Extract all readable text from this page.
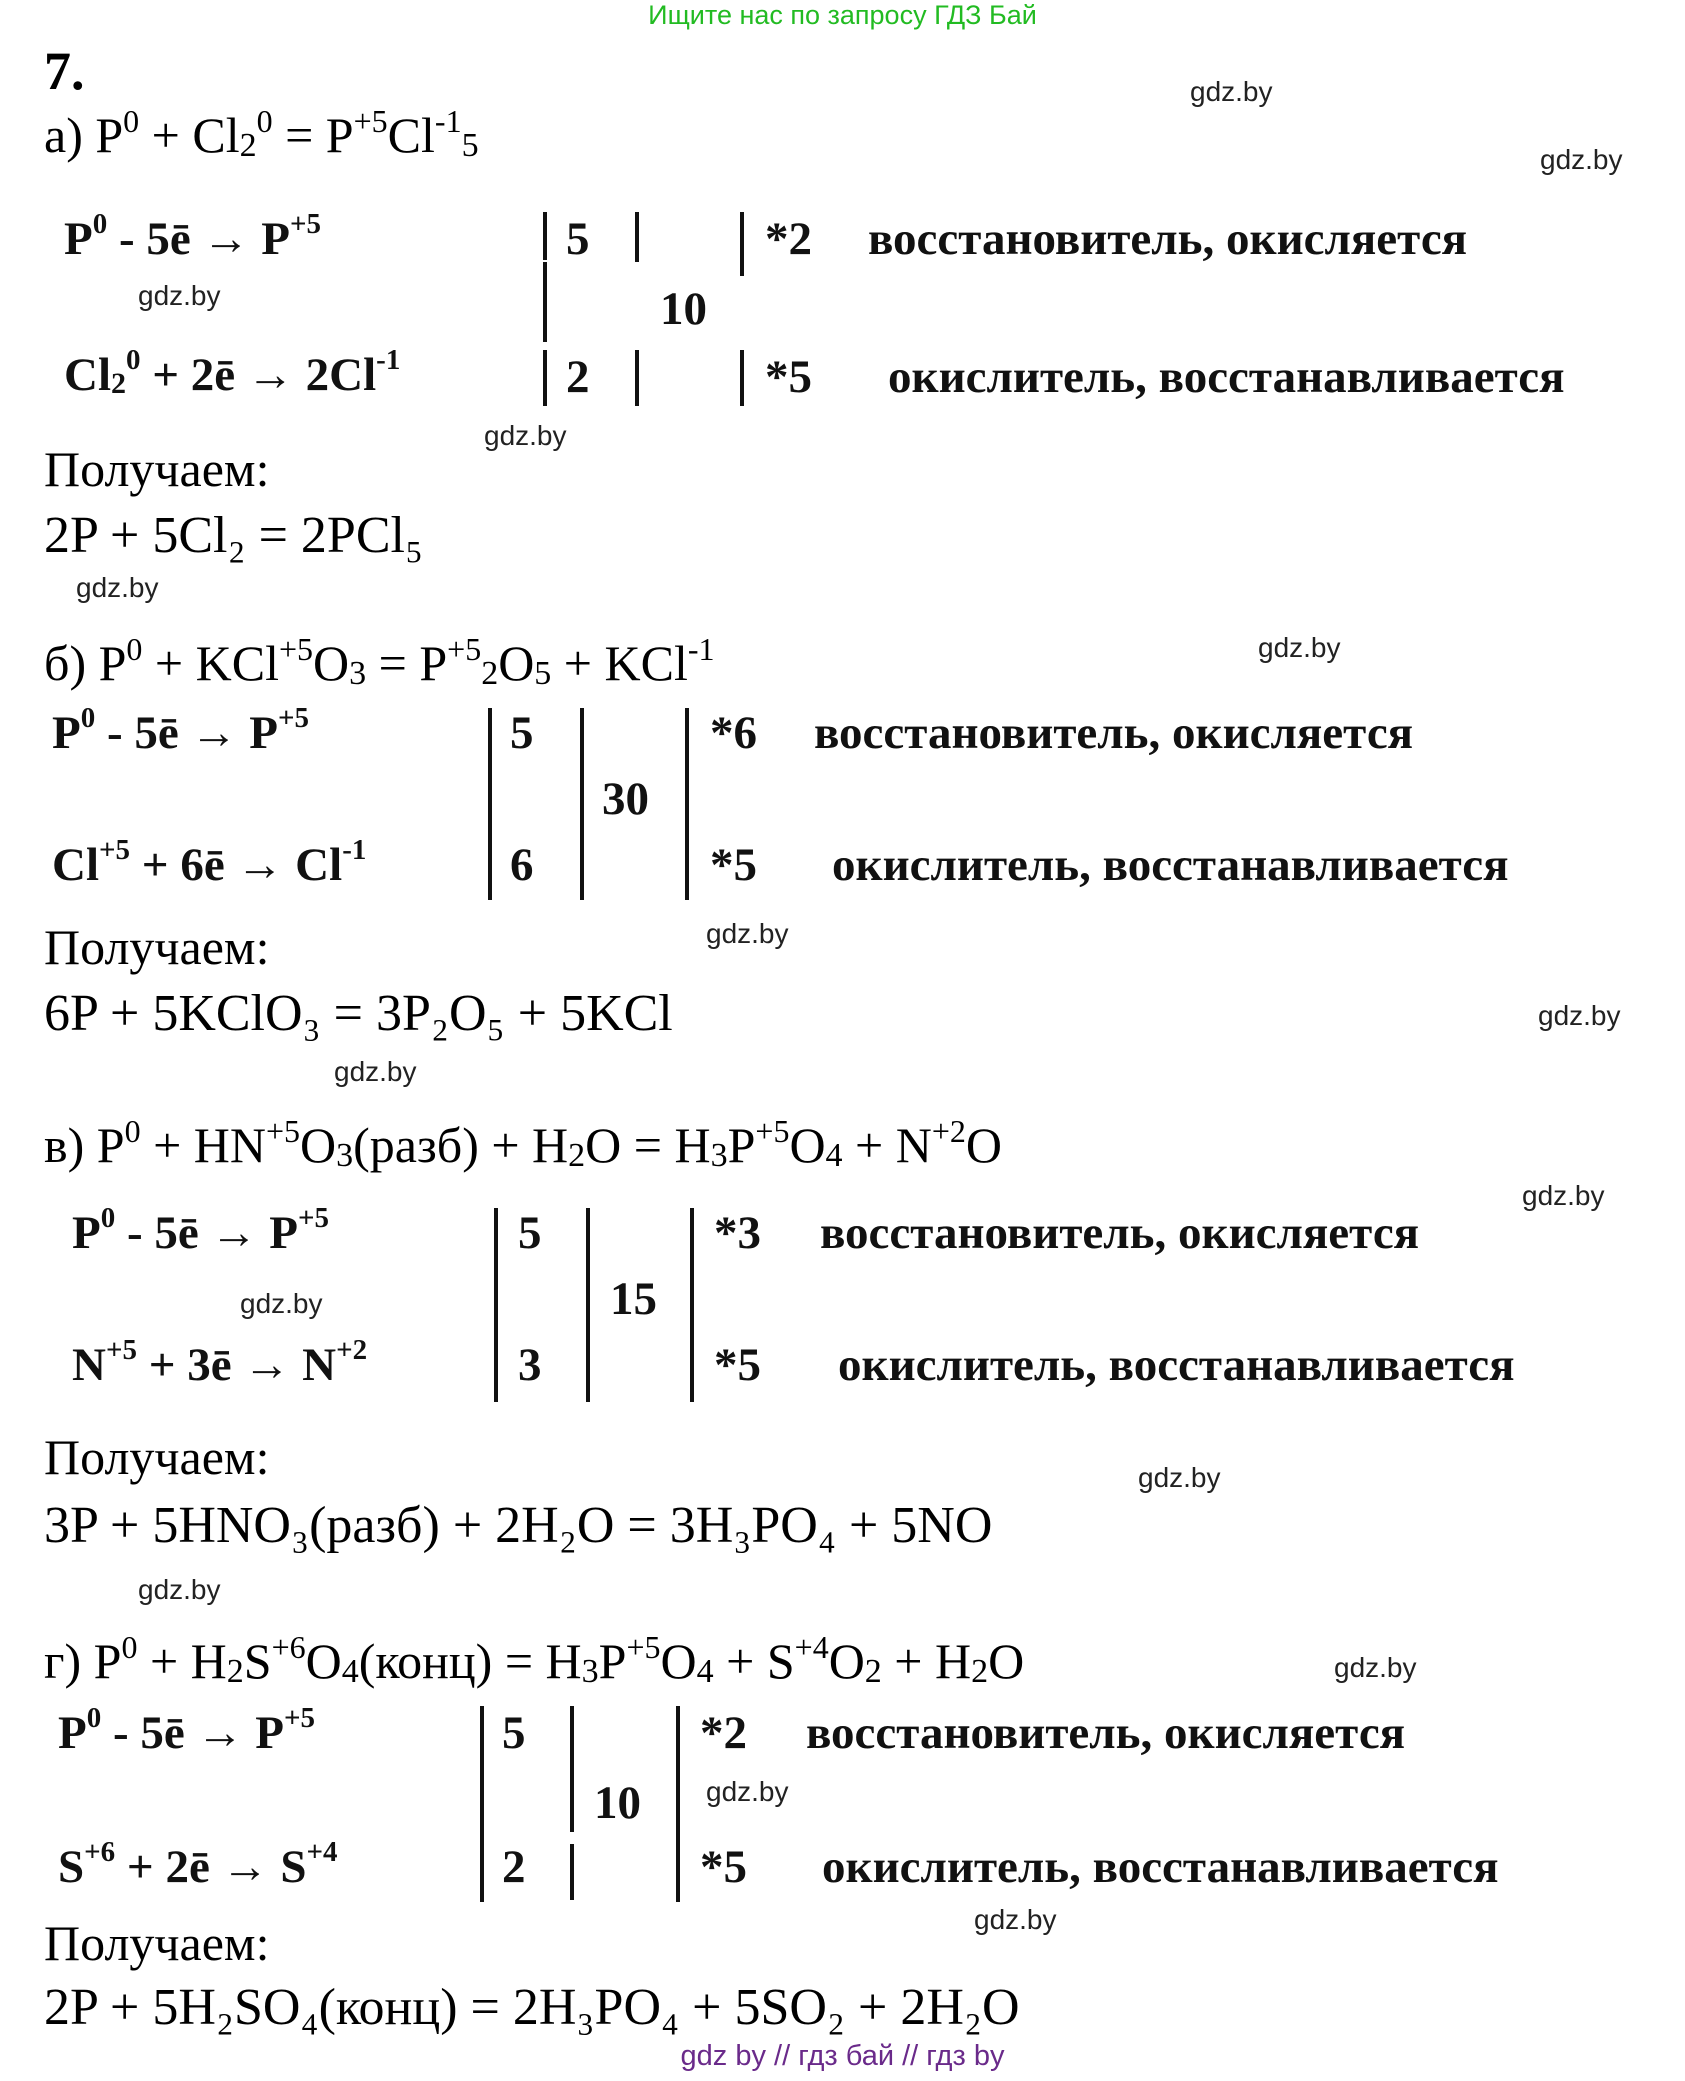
Ищите нас по запросу ГДЗ Бай
7.
а) $P^0 + Cl_2^0 = P^{+5}Cl^{-1}_5$
$P^0$ - 5ē → $P^{+5}$
$Cl_2^0$ + 2ē → $2Cl^{-1}$
5
2
10
*2
*5
восстановитель, окисляется
окислитель, восстанавливается
Получаем:
2P + 5Cl₂ = 2PCl₅
б) $P^0 + KCl^{+5}O_3 = P^{+5}_2O_5 + KCl^{-1}$
$P^0$ - 5ē → $P^{+5}$
$Cl^{+5}$ + 6ē → $Cl^{-1}$
5
6
30
*6
*5
восстановитель, окисляется
окислитель, восстанавливается
Получаем:
6P + 5KClO₃ = 3P₂O₅ + 5KCl
в) $P^0$ + $HN^{+5}O_3(разб) + H_2O = H_3P^{+5}O_4 + N^{+2}O$
$P^0$ - 5ē → $P^{+5}$
$N^{+5}$ + 3ē → $N^{+2}$
5
3
15
*3
*5
восстановитель, окисляется
окислитель, восстанавливается
Получаем:
3P + 5HNO₃(разб) + 2H₂O = 3H₃PO₄ + 5NO
г) $P^0$ + $H_2S^{+6}O_4(конц) = H_3P^{+5}O_4 + S^{+4}O_2 + H_2O$
$P^0$ - 5ē → $P^{+5}$
$S^{+6}$ + 2ē → $S^{+4}$
5
2
10
*2
*5
восстановитель, окисляется
окислитель, восстанавливается
Получаем:
2P + 5H₂SO₄(конц) = 2H₃PO₄ + 5SO₂ + 2H₂O
gdz.by
gdz.by
gdz.by
gdz.by
gdz.by
gdz.by
gdz.by
gdz.by
gdz.by
gdz.by
gdz.by
gdz.by
gdz.by
gdz.by
gdz.by
gdz.by
gdz by // гдз бай // гдз by
